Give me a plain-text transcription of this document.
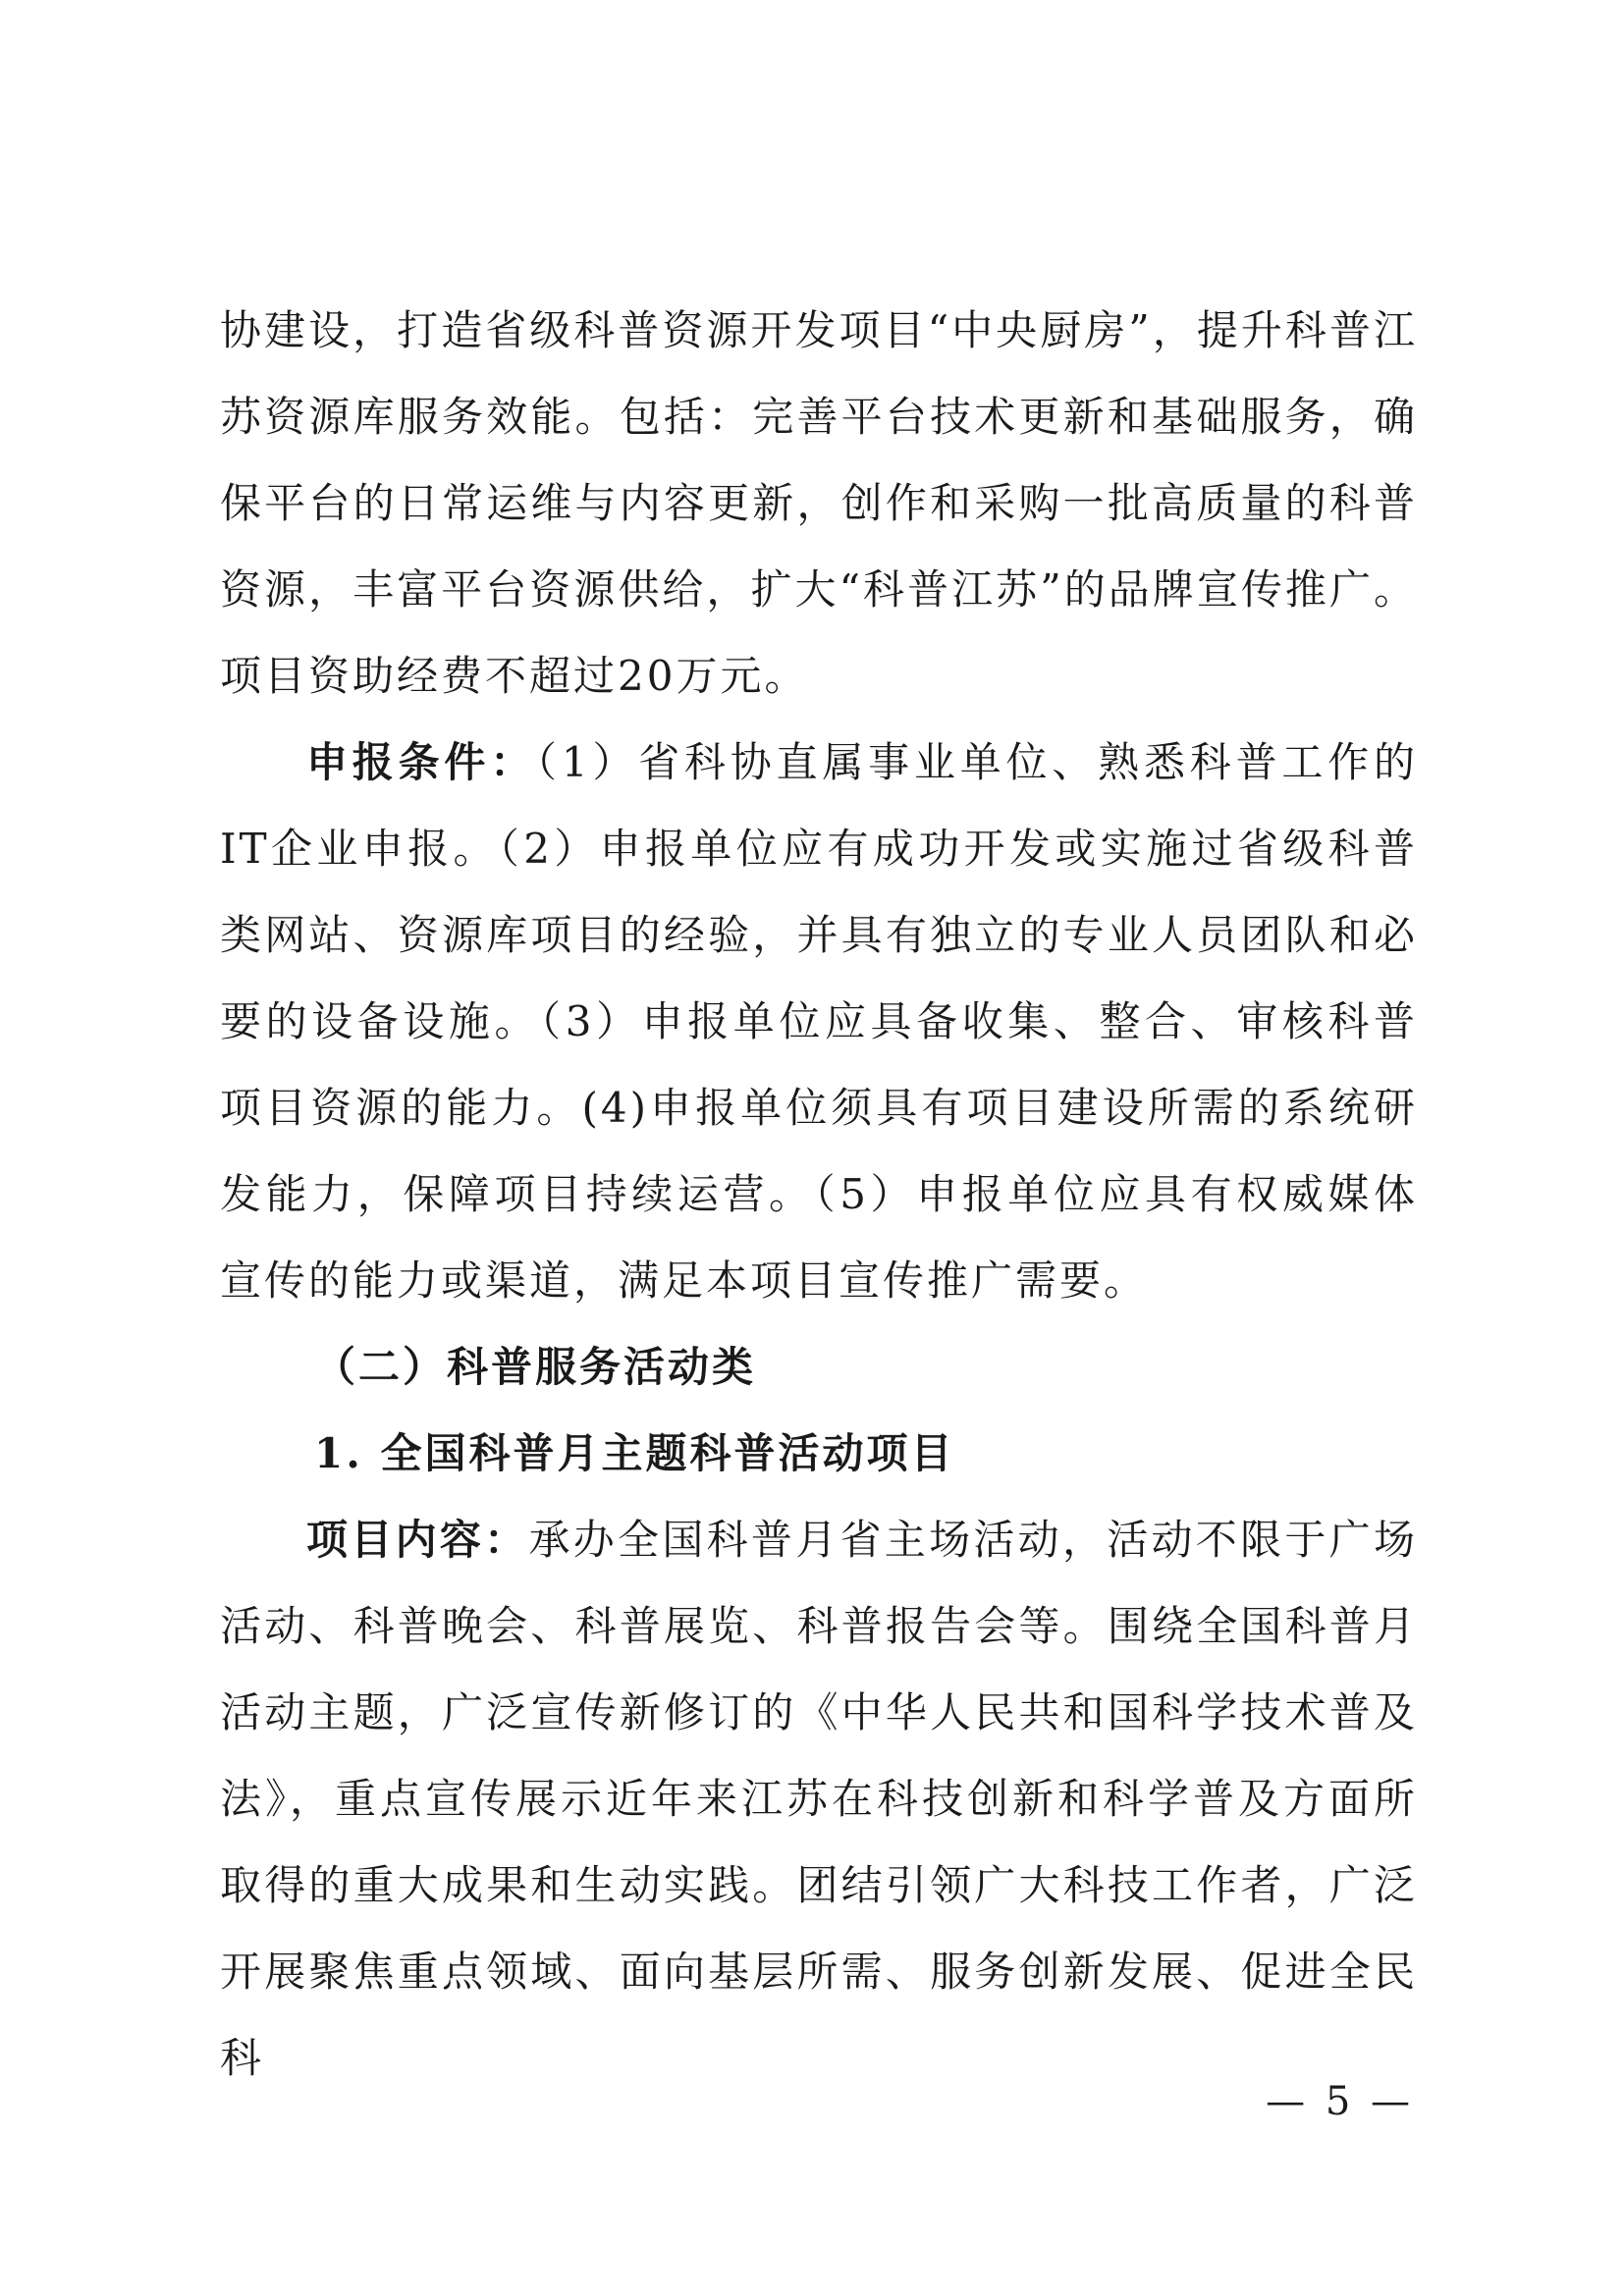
协建设，打造省级科普资源开发项目“中央厨房”，提升科普江苏资源库服务效能。包括：完善平台技术更新和基础服务，确保平台的日常运维与内容更新，创作和采购一批高质量的科普资源，丰富平台资源供给，扩大“科普江苏”的品牌宣传推广。项目资助经费不超过20万元。

申报条件：（1）省科协直属事业单位、熟悉科普工作的IT企业申报。（2）申报单位应有成功开发或实施过省级科普类网站、资源库项目的经验，并具有独立的专业人员团队和必要的设备设施。（3）申报单位应具备收集、整合、审核科普项目资源的能力。(4)申报单位须具有项目建设所需的系统研发能力，保障项目持续运营。（5）申报单位应具有权威媒体宣传的能力或渠道，满足本项目宣传推广需要。

（二）科普服务活动类

1. 全国科普月主题科普活动项目

项目内容：承办全国科普月省主场活动，活动不限于广场活动、科普晚会、科普展览、科普报告会等。围绕全国科普月活动主题，广泛宣传新修订的《中华人民共和国科学技术普及法》，重点宣传展示近年来江苏在科技创新和科学普及方面所取得的重大成果和生动实践。团结引领广大科技工作者，广泛开展聚焦重点领域、面向基层所需、服务创新发展、促进全民科

— 5 —
